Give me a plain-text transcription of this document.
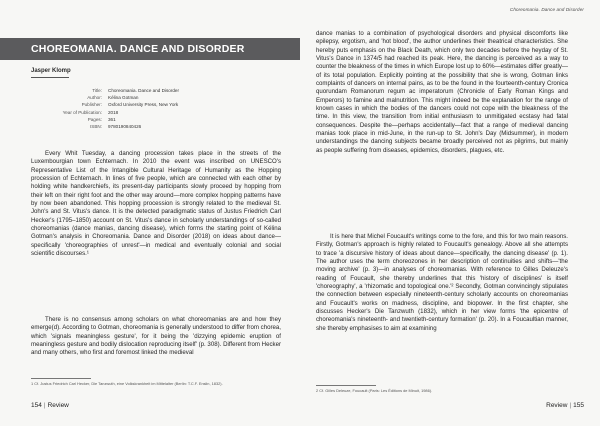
CHOREOMANIA. DANCE AND DISORDER
Jasper Klomp
Title:	Choreomania. Dance and Disorder
Author:	Kélina Gotman
Publisher:	Oxford University Press, New York
Year of Publication:	2018
Pages:	361
ISBN:	9780190840426

Every Whit Tuesday, a dancing procession takes place in the streets of the Luxembourgian town Echternach. In 2010 the event was inscribed on UNESCO's Representative List of the Intangible Cultural Heritage of Humanity as the Hopping procession of Echternach. In lines of five people, which are connected with each other by holding white handkerchiefs, its present-day participants slowly proceed by hopping from their left on their right foot and the other way around—more complex hopping patterns have by now been abandoned. This hopping procession is strongly related to the medieval St. John's and St. Vitus's dance. It is the detected paradigmatic status of Justus Friedrich Carl Hecker's (1795–1850) account on St. Vitus's dance in scholarly understandings of so-called choreomanias (dance manias, dancing disease), which forms the starting point of Kélina Gotman's analysis in Choreomania. Dance and Disorder (2018) on ideas about dance—specifically 'choreographies of unrest'—in medical and eventually colonial and social scientific discourses.¹

There is no consensus among scholars on what choreomanias are and how they emerge(d). According to Gotman, choreomania is generally understood to differ from chorea, which 'signals meaningless gesture', for it being the 'dizzying epidemic eruption of meaningless gesture and bodily dislocation reproducing itself' (p. 308). Different from Hecker and many others, who first and foremost linked the medieval

1 Cf. Justus Friedrich Carl Hecker, Die Tanzwuth, eine Volkskrankheit im Mittelalter (Berlin: T.C.F. Enslin, 1832).
154 | Review
Choreomania. Dance and Disorder

dance manias to a combination of psychological disorders and physical discomforts like epilepsy, ergotism, and 'hot blood', the author underlines their theatrical characteristics. She hereby puts emphasis on the Black Death, which only two decades before the heyday of St. Vitus's Dance in 1374/5 had reached its peak. Here, the dancing is perceived as a way to counter the bleakness of the times in which Europe lost up to 60%—estimates differ greatly—of its total population. Explicitly pointing at the possibility that she is wrong, Gotman links complaints of dancers on internal pains, as to be the found in the fourteenth-century Cronica quorundam Romanorum regum ac imperatorum (Chronicle of Early Roman Kings and Emperors) to famine and malnutrition. This might indeed be the explanation for the range of known cases in which the bodies of the dancers could not cope with the bleakness of the time. In this view, the transition from initial enthusiasm to unmitigated ecstasy had fatal consequences. Despite the—perhaps accidentally—fact that a range of medieval dancing manias took place in mid-June, in the run-up to St. John's Day (Midsummer), in modern understandings the dancing subjects became broadly perceived not as pilgrims, but mainly as people suffering from diseases, epidemics, disorders, plagues, etc.

It is here that Michel Foucault's writings come to the fore, and this for two main reasons. Firstly, Gotman's approach is highly related to Foucault's genealogy. Above all she attempts to trace 'a discursive history of ideas about dance—specifically, the dancing disease' (p. 1). The author uses the term choreozones in her description of continuities and shifts—'the moving archive' (p. 3)—in analyses of choreomanias. With reference to Gilles Deleuze's reading of Foucault, she thereby underlines that this 'history of disciplines' is itself 'choreography', a 'rhizomatic and topological one.'² Secondly, Gotman convincingly stipulates the connection between especially nineteenth-century scholarly accounts on choreomanias and Foucault's works on madness, discipline, and biopower. In the first chapter, she discusses Hecker's Die Tanzwuth (1832), which in her view forms 'the epicentre of choreomania's nineteenth- and twentieth-century formation' (p. 20). In a Foucaultian manner, she thereby emphasises to aim at examining

2 Cf. Gilles Deleuze, Foucault (Paris: Les Éditions de Minuit, 1986).
Review | 155
